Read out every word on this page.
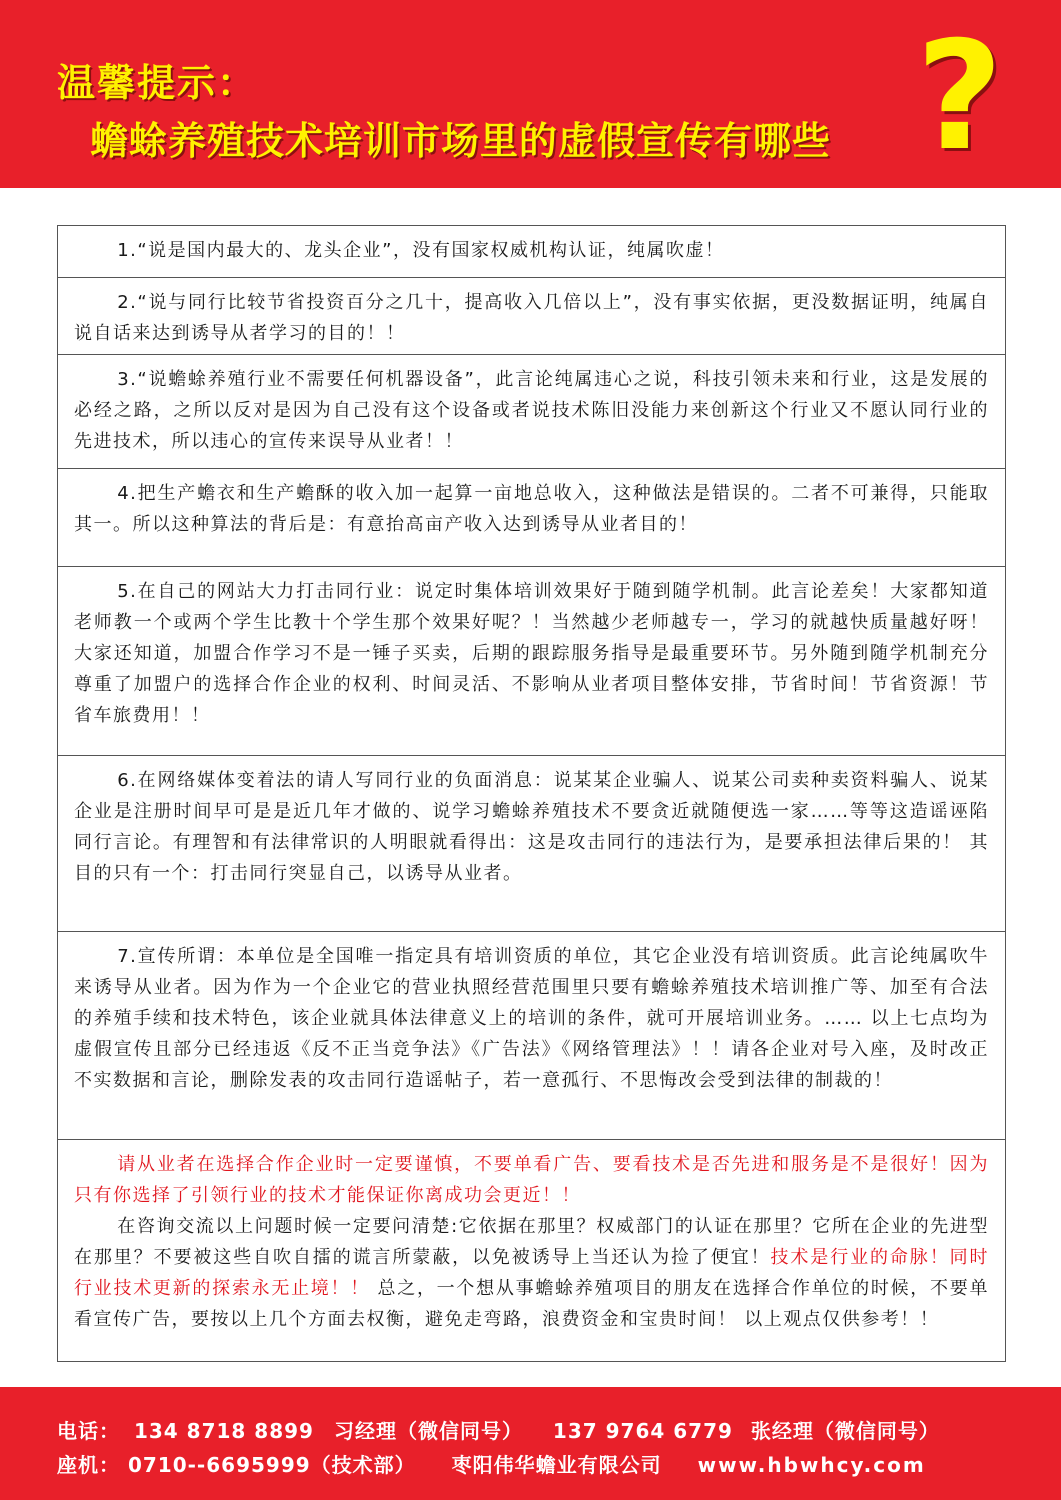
温馨提示：
蟾蜍养殖技术培训市场里的虚假宣传有哪些 ?

1.“说是国内最大的、龙头企业”，没有国家权威机构认证，纯属吹虚！

2.“说与同行比较节省投资百分之几十，提高收入几倍以上”，没有事实依据，更没数据证明，纯属自说自话来达到诱导从者学习的目的！！

3.“说蟾蜍养殖行业不需要任何机器设备”，此言论纯属违心之说，科技引领未来和行业，这是发展的必经之路，之所以反对是因为自己没有这个设备或者说技术陈旧没能力来创新这个行业又不愿认同行业的先进技术，所以违心的宣传来误导从业者！！

4.把生产蟾衣和生产蟾酥的收入加一起算一亩地总收入，这种做法是错误的。二者不可兼得，只能取其一。所以这种算法的背后是：有意抬高亩产收入达到诱导从业者目的！

5.在自己的网站大力打击同行业：说定时集体培训效果好于随到随学机制。此言论差矣！大家都知道老师教一个或两个学生比教十个学生那个效果好呢？！当然越少老师越专一，学习的就越快质量越好呀！大家还知道，加盟合作学习不是一锤子买卖，后期的跟踪服务指导是最重要环节。另外随到随学机制充分尊重了加盟户的选择合作企业的权利、时间灵活、不影响从业者项目整体安排，节省时间！节省资源！节省车旅费用！！

6.在网络媒体变着法的请人写同行业的负面消息：说某某企业骗人、说某公司卖种卖资料骗人、说某企业是注册时间早可是是近几年才做的、说学习蟾蜍养殖技术不要贪近就随便选一家……等等这造谣诬陷同行言论。有理智和有法律常识的人明眼就看得出：这是攻击同行的违法行为，是要承担法律后果的！ 其目的只有一个：打击同行突显自己，以诱导从业者。

7.宣传所谓：本单位是全国唯一指定具有培训资质的单位，其它企业没有培训资质。此言论纯属吹牛来诱导从业者。因为作为一个企业它的营业执照经营范围里只要有蟾蜍养殖技术培训推广等、加至有合法的养殖手续和技术特色，该企业就具体法律意义上的培训的条件，就可开展培训业务。…… 以上七点均为虚假宣传且部分已经违返《反不正当竞争法》《广告法》《网络管理法》！！请各企业对号入座，及时改正不实数据和言论，删除发表的攻击同行造谣帖子，若一意孤行、不思悔改会受到法律的制裁的！

请从业者在选择合作企业时一定要谨慎，不要单看广告、要看技术是否先进和服务是不是很好！因为只有你选择了引领行业的技术才能保证你离成功会更近！！

在咨询交流以上问题时候一定要问清楚:它依据在那里？权威部门的认证在那里？它所在企业的先进型在那里？不要被这些自吹自擂的谎言所蒙蔽，以免被诱导上当还认为捡了便宜！技术是行业的命脉！同时行业技术更新的探索永无止境！！ 总之，一个想从事蟾蜍养殖项目的朋友在选择合作单位的时候，不要单看宣传广告，要按以上几个方面去权衡，避免走弯路，浪费资金和宝贵时间！ 以上观点仅供参考！！

电话： 134 8718 8899 习经理（微信同号） 137 9764 6779 张经理（微信同号）
座机： 0710--6695999（技术部） 枣阳伟华蟾业有限公司 www.hbwhcy.com
